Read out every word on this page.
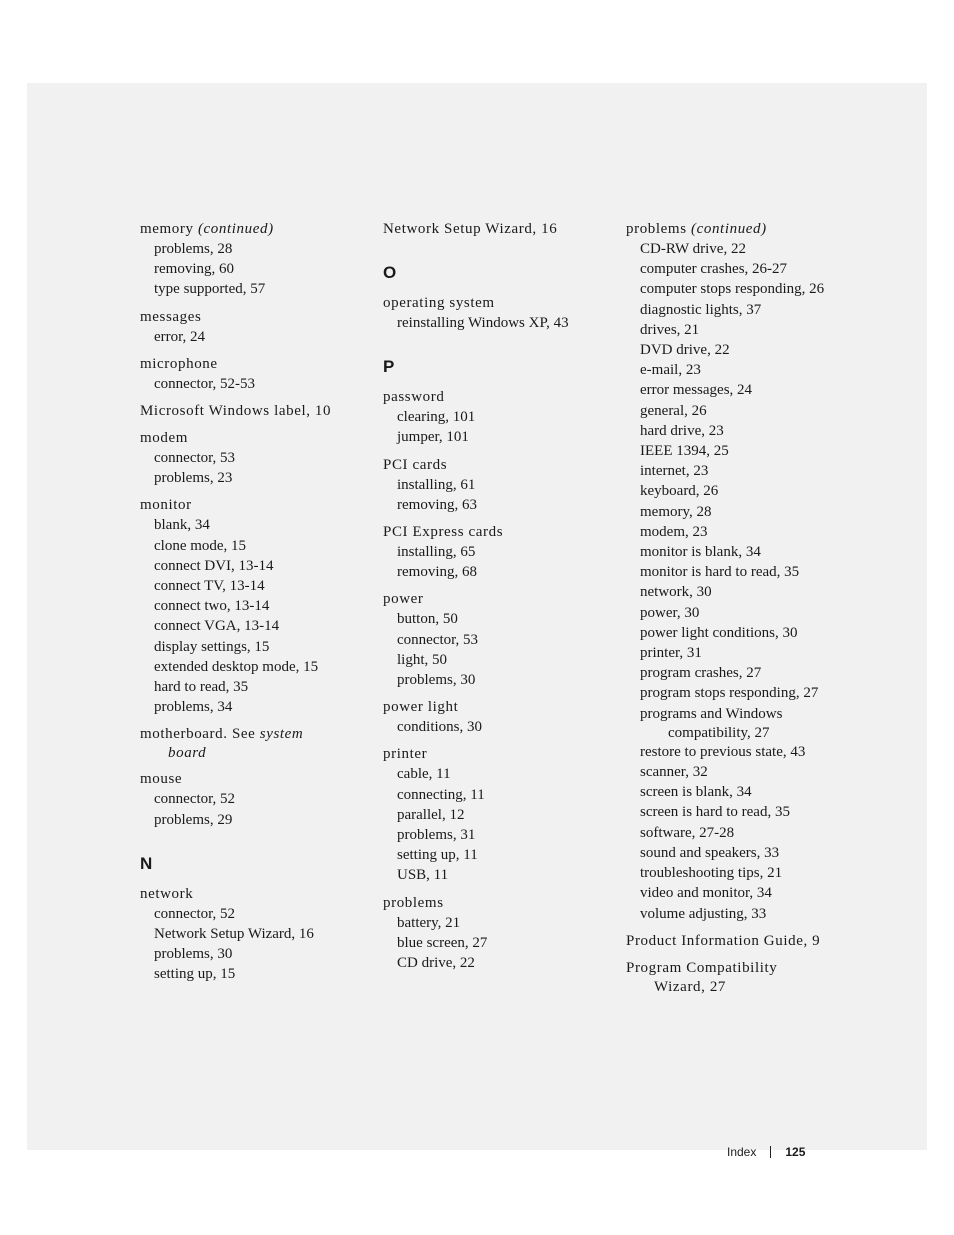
memory (continued)
problems, 28
removing, 60
type supported, 57
messages
error, 24
microphone
connector, 52-53
Microsoft Windows label, 10
modem
connector, 53
problems, 23
monitor
blank, 34
clone mode, 15
connect DVI, 13-14
connect TV, 13-14
connect two, 13-14
connect VGA, 13-14
display settings, 15
extended desktop mode, 15
hard to read, 35
problems, 34
motherboard. See system
board
mouse
connector, 52
problems, 29
N
network
connector, 52
Network Setup Wizard, 16
problems, 30
setting up, 15
Network Setup Wizard, 16
O
operating system
reinstalling Windows XP, 43
P
password
clearing, 101
jumper, 101
PCI cards
installing, 61
removing, 63
PCI Express cards
installing, 65
removing, 68
power
button, 50
connector, 53
light, 50
problems, 30
power light
conditions, 30
printer
cable, 11
connecting, 11
parallel, 12
problems, 31
setting up, 11
USB, 11
problems
battery, 21
blue screen, 27
CD drive, 22
problems (continued)
CD-RW drive, 22
computer crashes, 26-27
computer stops responding, 26
diagnostic lights, 37
drives, 21
DVD drive, 22
e-mail, 23
error messages, 24
general, 26
hard drive, 23
IEEE 1394, 25
internet, 23
keyboard, 26
memory, 28
modem, 23
monitor is blank, 34
monitor is hard to read, 35
network, 30
power, 30
power light conditions, 30
printer, 31
program crashes, 27
program stops responding, 27
programs and Windows
compatibility, 27
restore to previous state, 43
scanner, 32
screen is blank, 34
screen is hard to read, 35
software, 27-28
sound and speakers, 33
troubleshooting tips, 21
video and monitor, 34
volume adjusting, 33
Product Information Guide, 9
Program Compatibility
Wizard, 27
Index 125
